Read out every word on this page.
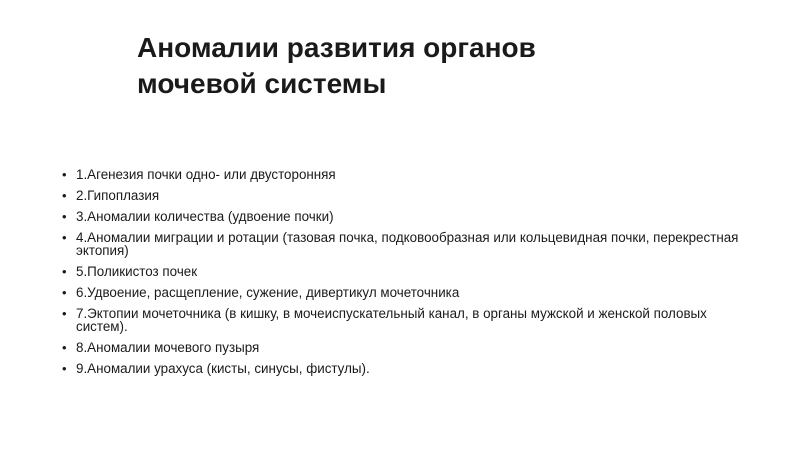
Аномалии развития органов
мочевой системы
• 1.Агенезия почки одно- или двусторонняя
• 2.Гипоплазия
• 3.Аномалии количества (удвоение почки)
• 4.Аномалии миграции и ротации (тазовая почка, подковообразная или кольцевидная почки, перекрестная эктопия)
• 5.Поликистоз почек
• 6.Удвоение, расщепление, сужение, дивертикул мочеточника
• 7.Эктопии мочеточника (в кишку, в мочеиспускательный канал, в органы мужской и женской половых систем).
• 8.Аномалии мочевого пузыря
• 9.Аномалии урахуса (кисты, синусы, фистулы).
